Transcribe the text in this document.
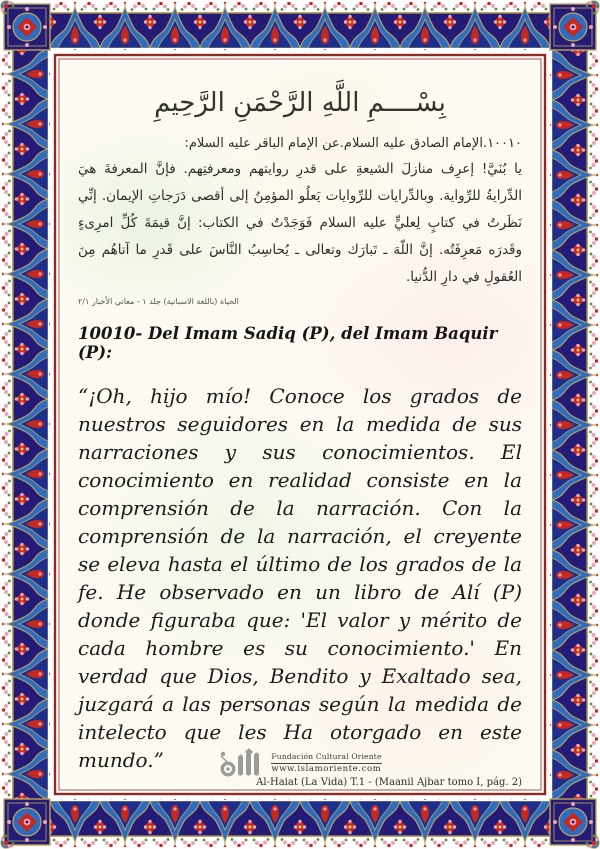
بِسْــــمِ اللَّهِ الرَّحْمَنِ الرَّحِيمِ
١٠٠١٠.الإمام الصادق عليه السلام.عن الإمام الباقر عليه السلام:
يا بُنَيَّ! إعرِف منازلَ الشيعةِ على قدرِ روايتهم ومعرفتِهم. فإنَّ المعرفةَ هيَ الدِّرايةُ للرِّواية. وبالدِّرايات للرِّوايات يَعلُو المؤمِنُ إلى أقصى دَرَجاتِ الإيمان. إنِّي نَظَرتُ في كتابٍ لِعليٍّ عليه السلام فَوَجَدْتُ في الكتاب: إنَّ قيمَةَ كُلِّ امرِىءٍ وقَدرَه مَعرِفَتُه. إنَّ اللّهَ ـ تَبارَك وتعالى ـ يُحاسِبُ النَّاسَ على قَدرِ ما آتاهُم مِنَ العُقولِ في دارِ الدُّنيا.
الحياة (باللغة الاسبانية) جلد ١ - معاني الأخبار ٢/١
10010- Del Imam Sadiq (P), del Imam Baquir (P):
“¡Oh, hijo mío! Conoce los grados de nuestros seguidores en la medida de sus narraciones y sus conocimientos. El conocimiento en realidad consiste en la comprensión de la narración. Con la comprensión de la narración, el creyente se eleva hasta el último de los grados de la fe. He observado en un libro de Alí (P) donde figuraba que: 'El valor y mérito de cada hombre es su conocimiento.' En verdad que Dios, Bendito y Exaltado sea, juzgará a las personas según la medida de intelecto que les Ha otorgado en este mundo.”
Al-Haiat (La Vida) T.1 - (Maanil Ajbar tomo I, pág. 2)
Fundación Cultural Oriente
www.islamoriente.com
